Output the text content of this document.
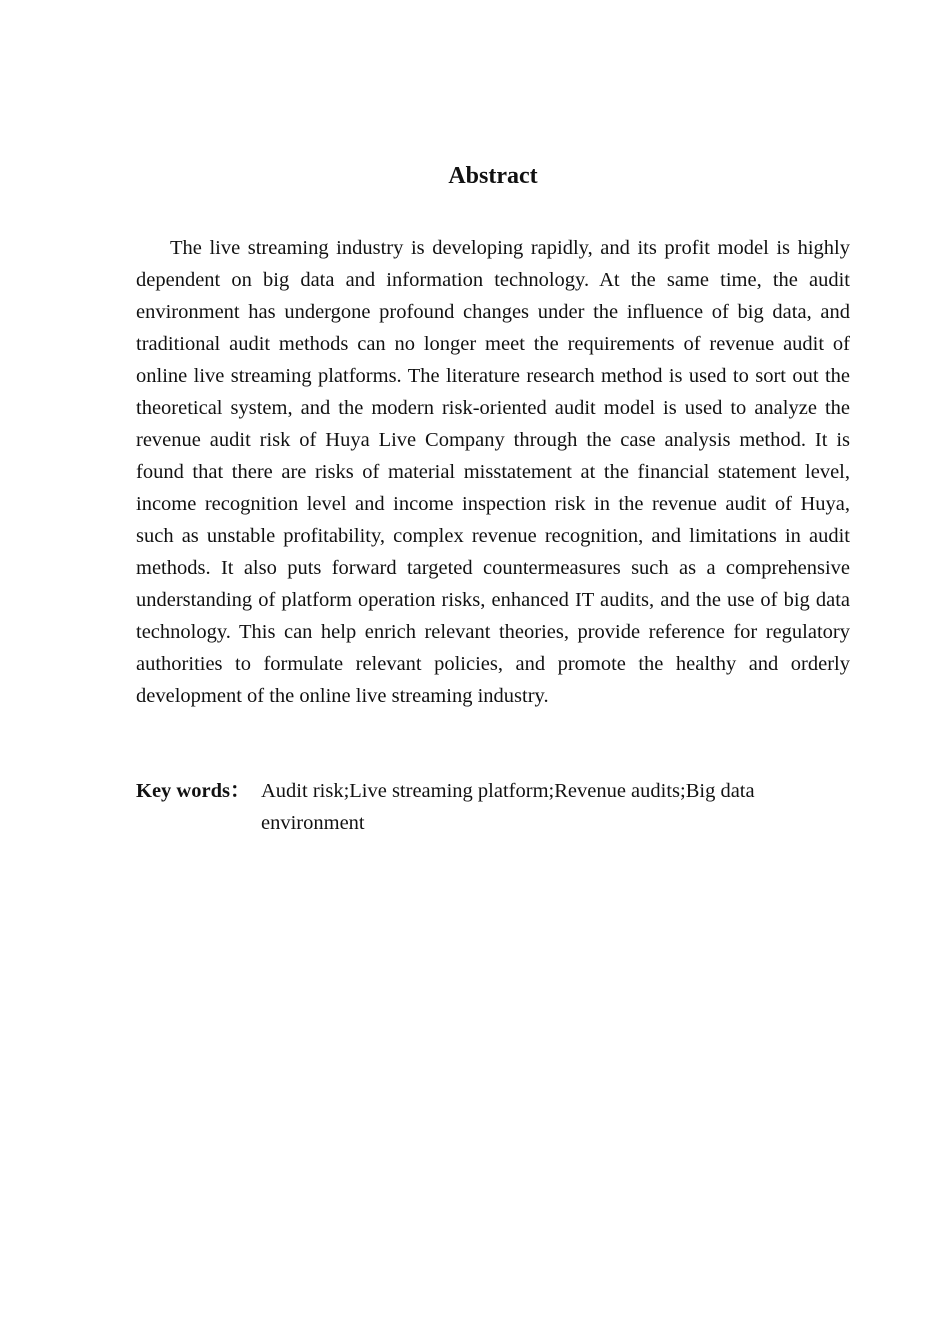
Abstract

The live streaming industry is developing rapidly, and its profit model is highly dependent on big data and information technology. At the same time, the audit environment has undergone profound changes under the influence of big data, and traditional audit methods can no longer meet the requirements of revenue audit of online live streaming platforms. The literature research method is used to sort out the theoretical system, and the modern risk-oriented audit model is used to analyze the revenue audit risk of Huya Live Company through the case analysis method. It is found that there are risks of material misstatement at the financial statement level, income recognition level and income inspection risk in the revenue audit of Huya, such as unstable profitability, complex revenue recognition, and limitations in audit methods. It also puts forward targeted countermeasures such as a comprehensive understanding of platform operation risks, enhanced IT audits, and the use of big data technology. This can help enrich relevant theories, provide reference for regulatory authorities to formulate relevant policies, and promote the healthy and orderly development of the online live streaming industry.

Key words： Audit risk;Live streaming platform;Revenue audits;Big data environment
